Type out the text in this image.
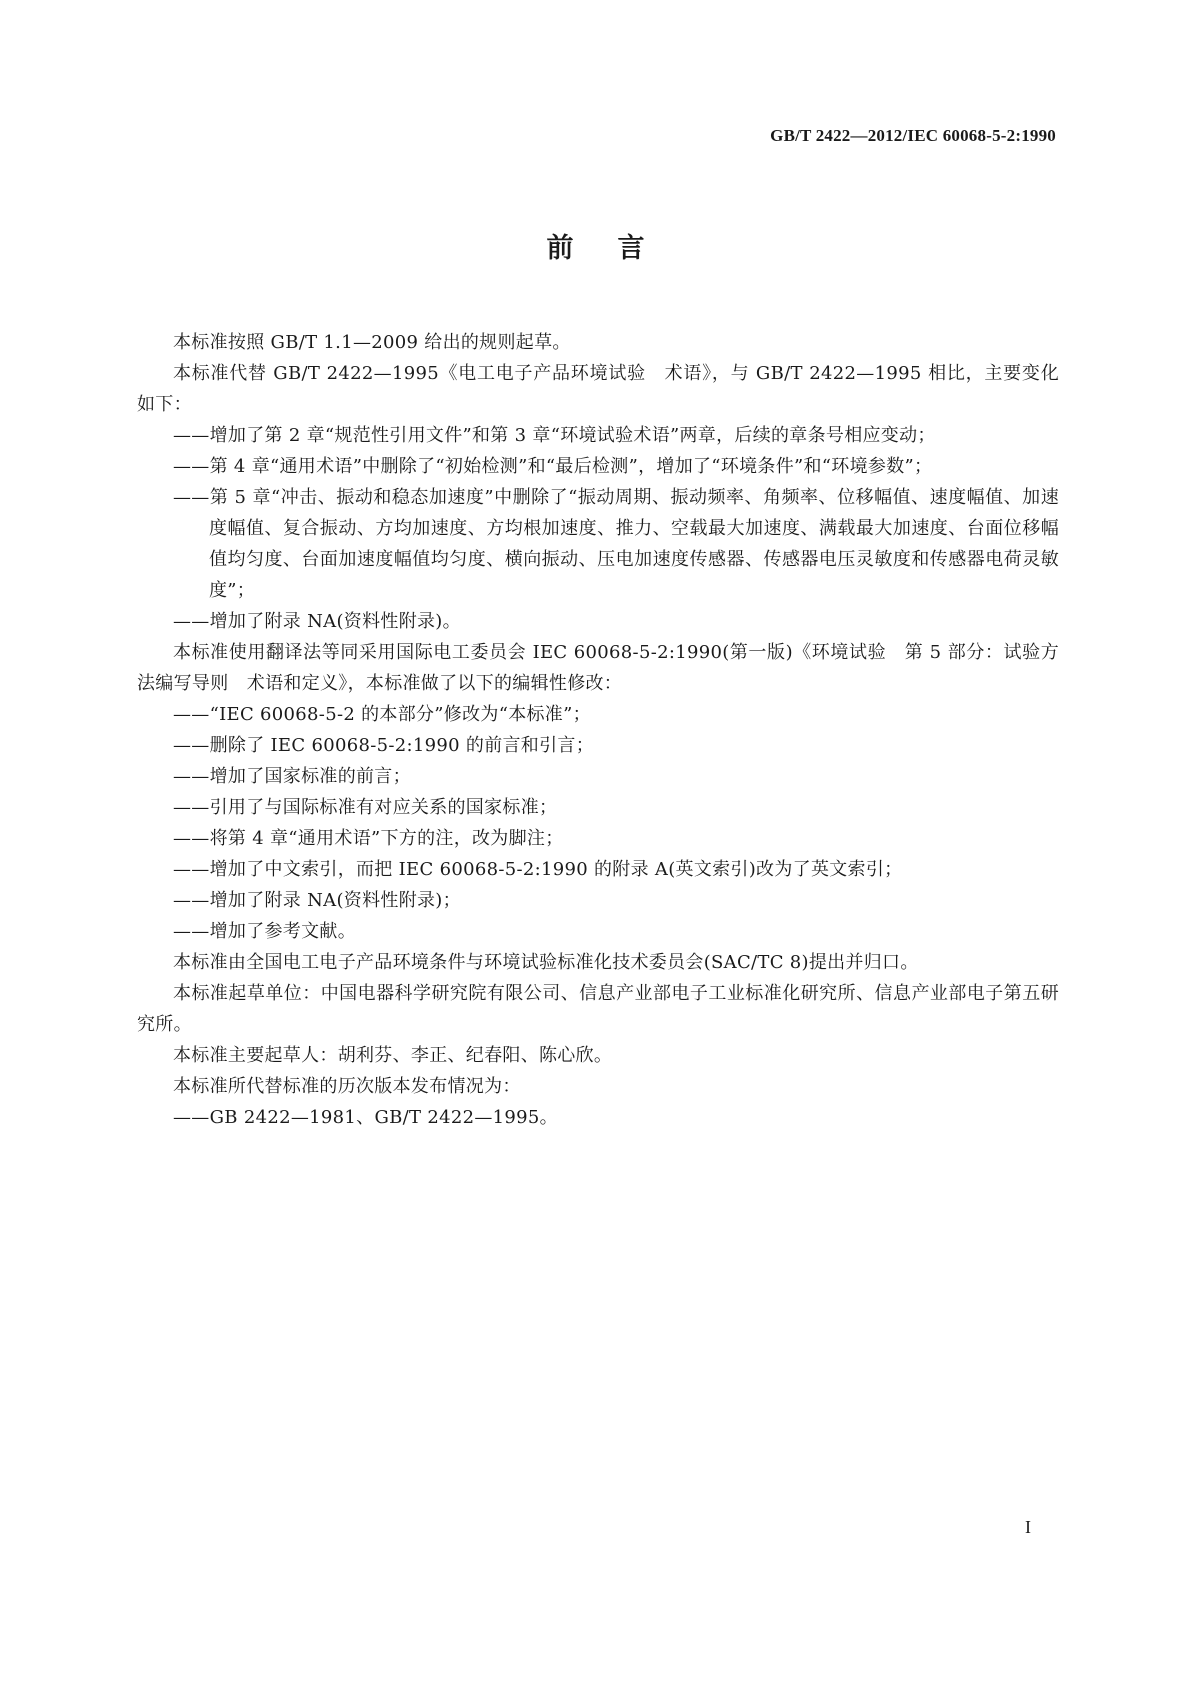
GB/T 2422—2012/IEC 60068-5-2:1990
前言

本标准按照 GB/T 1.1—2009 给出的规则起草。

本标准代替 GB/T 2422—1995《电工电子产品环境试验　术语》，与 GB/T 2422—1995 相比，主要变化如下：

——增加了第 2 章“规范性引用文件”和第 3 章“环境试验术语”两章，后续的章条号相应变动；

——第 4 章“通用术语”中删除了“初始检测”和“最后检测”，增加了“环境条件”和“环境参数”；

——第 5 章“冲击、振动和稳态加速度”中删除了“振动周期、振动频率、角频率、位移幅值、速度幅值、加速度幅值、复合振动、方均加速度、方均根加速度、推力、空载最大加速度、满载最大加速度、台面位移幅值均匀度、台面加速度幅值均匀度、横向振动、压电加速度传感器、传感器电压灵敏度和传感器电荷灵敏度”；

——增加了附录 NA(资料性附录)。

本标准使用翻译法等同采用国际电工委员会 IEC 60068-5-2:1990(第一版)《环境试验　第 5 部分：试验方法编写导则　术语和定义》，本标准做了以下的编辑性修改：

——“IEC 60068-5-2 的本部分”修改为“本标准”；

——删除了 IEC 60068-5-2:1990 的前言和引言；

——增加了国家标准的前言；

——引用了与国际标准有对应关系的国家标准；

——将第 4 章“通用术语”下方的注，改为脚注；

——增加了中文索引，而把 IEC 60068-5-2:1990 的附录 A(英文索引)改为了英文索引；

——增加了附录 NA(资料性附录)；

——增加了参考文献。

本标准由全国电工电子产品环境条件与环境试验标准化技术委员会(SAC/TC 8)提出并归口。

本标准起草单位：中国电器科学研究院有限公司、信息产业部电子工业标准化研究所、信息产业部电子第五研究所。

本标准主要起草人：胡利芬、李正、纪春阳、陈心欣。

本标准所代替标准的历次版本发布情况为：

——GB 2422—1981、GB/T 2422—1995。

I
